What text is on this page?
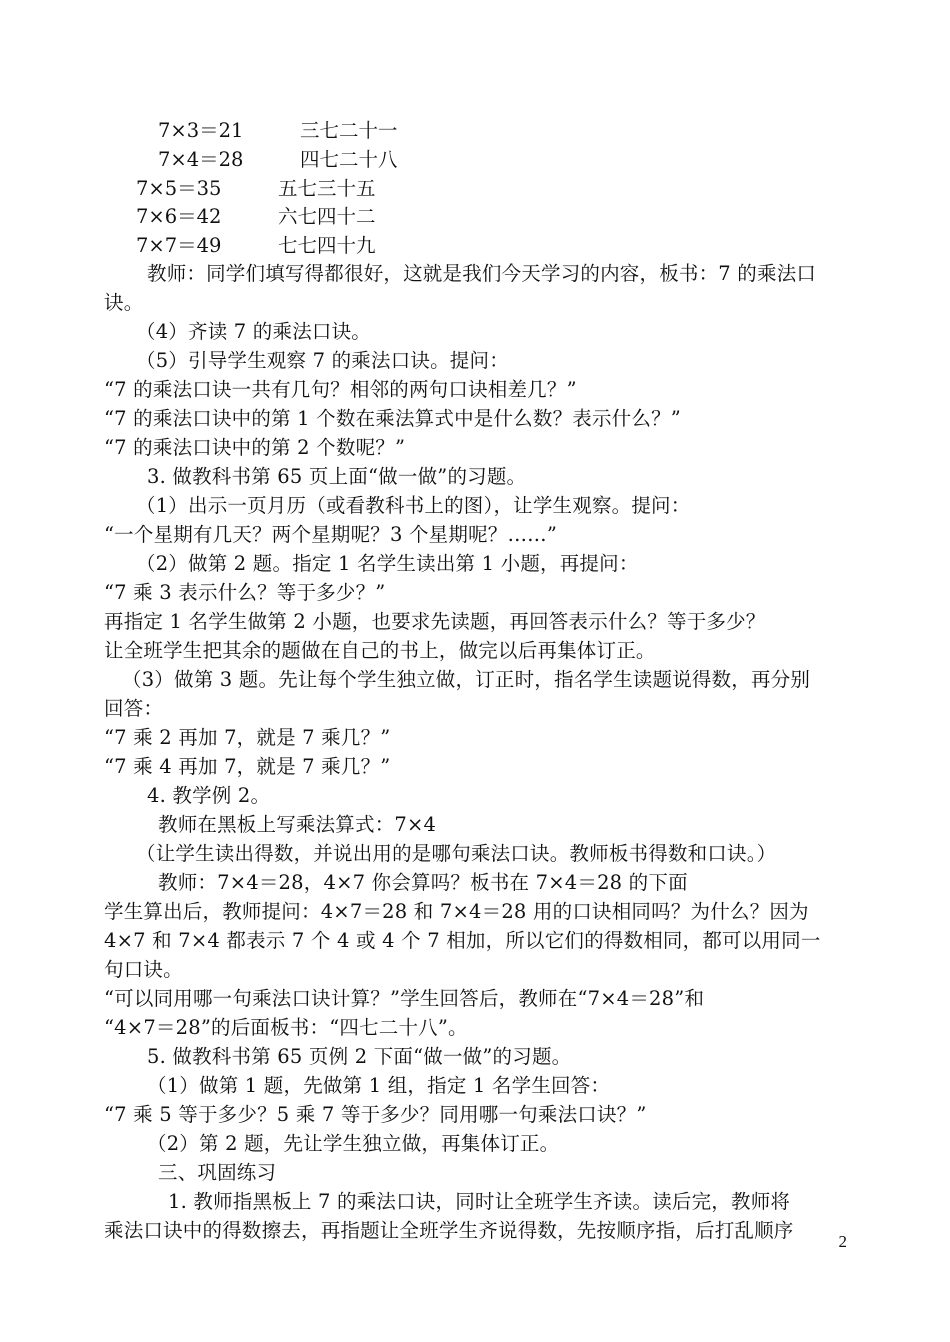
7×3＝21	三七二十一
7×4＝28	四七二十八
7×5＝35	五七三十五
7×6＝42	六七四十二
7×7＝49	七七四十九
教师：同学们填写得都很好，这就是我们今天学习的内容，板书：7 的乘法口
诀。
（4）齐读 7 的乘法口诀。
（5）引导学生观察 7 的乘法口诀。提问：
“7 的乘法口诀一共有几句？相邻的两句口诀相差几？”
“7 的乘法口诀中的第 1 个数在乘法算式中是什么数？表示什么？”
“7 的乘法口诀中的第 2 个数呢？”
3. 做教科书第 65 页上面“做一做”的习题。
（1）出示一页月历（或看教科书上的图），让学生观察。提问：
“一个星期有几天？两个星期呢？3 个星期呢？……”
（2）做第 2 题。指定 1 名学生读出第 1 小题，再提问：
“7 乘 3 表示什么？等于多少？”
再指定 1 名学生做第 2 小题，也要求先读题，再回答表示什么？等于多少？
让全班学生把其余的题做在自己的书上，做完以后再集体订正。
（3）做第 3 题。先让每个学生独立做，订正时，指名学生读题说得数，再分别
回答：
“7 乘 2 再加 7，就是 7 乘几？”
“7 乘 4 再加 7，就是 7 乘几？”
4. 教学例 2。
教师在黑板上写乘法算式：7×4
（让学生读出得数，并说出用的是哪句乘法口诀。教师板书得数和口诀。）
教师：7×4＝28，4×7 你会算吗？板书在 7×4＝28 的下面
学生算出后，教师提问：4×7＝28 和 7×4＝28 用的口诀相同吗？为什么？因为
4×7 和 7×4 都表示 7 个 4 或 4 个 7 相加，所以它们的得数相同，都可以用同一
句口诀。
“可以同用哪一句乘法口诀计算？”学生回答后，教师在“7×4＝28”和
“4×7＝28”的后面板书：“四七二十八”。
5. 做教科书第 65 页例 2 下面“做一做”的习题。
（1）做第 1 题，先做第 1 组，指定 1 名学生回答：
“7 乘 5 等于多少？5 乘 7 等于多少？同用哪一句乘法口诀？”
（2）第 2 题，先让学生独立做，再集体订正。
三、巩固练习
1. 教师指黑板上 7 的乘法口诀，同时让全班学生齐读。读后完，教师将
乘法口诀中的得数擦去，再指题让全班学生齐说得数，先按顺序指，后打乱顺序	2
